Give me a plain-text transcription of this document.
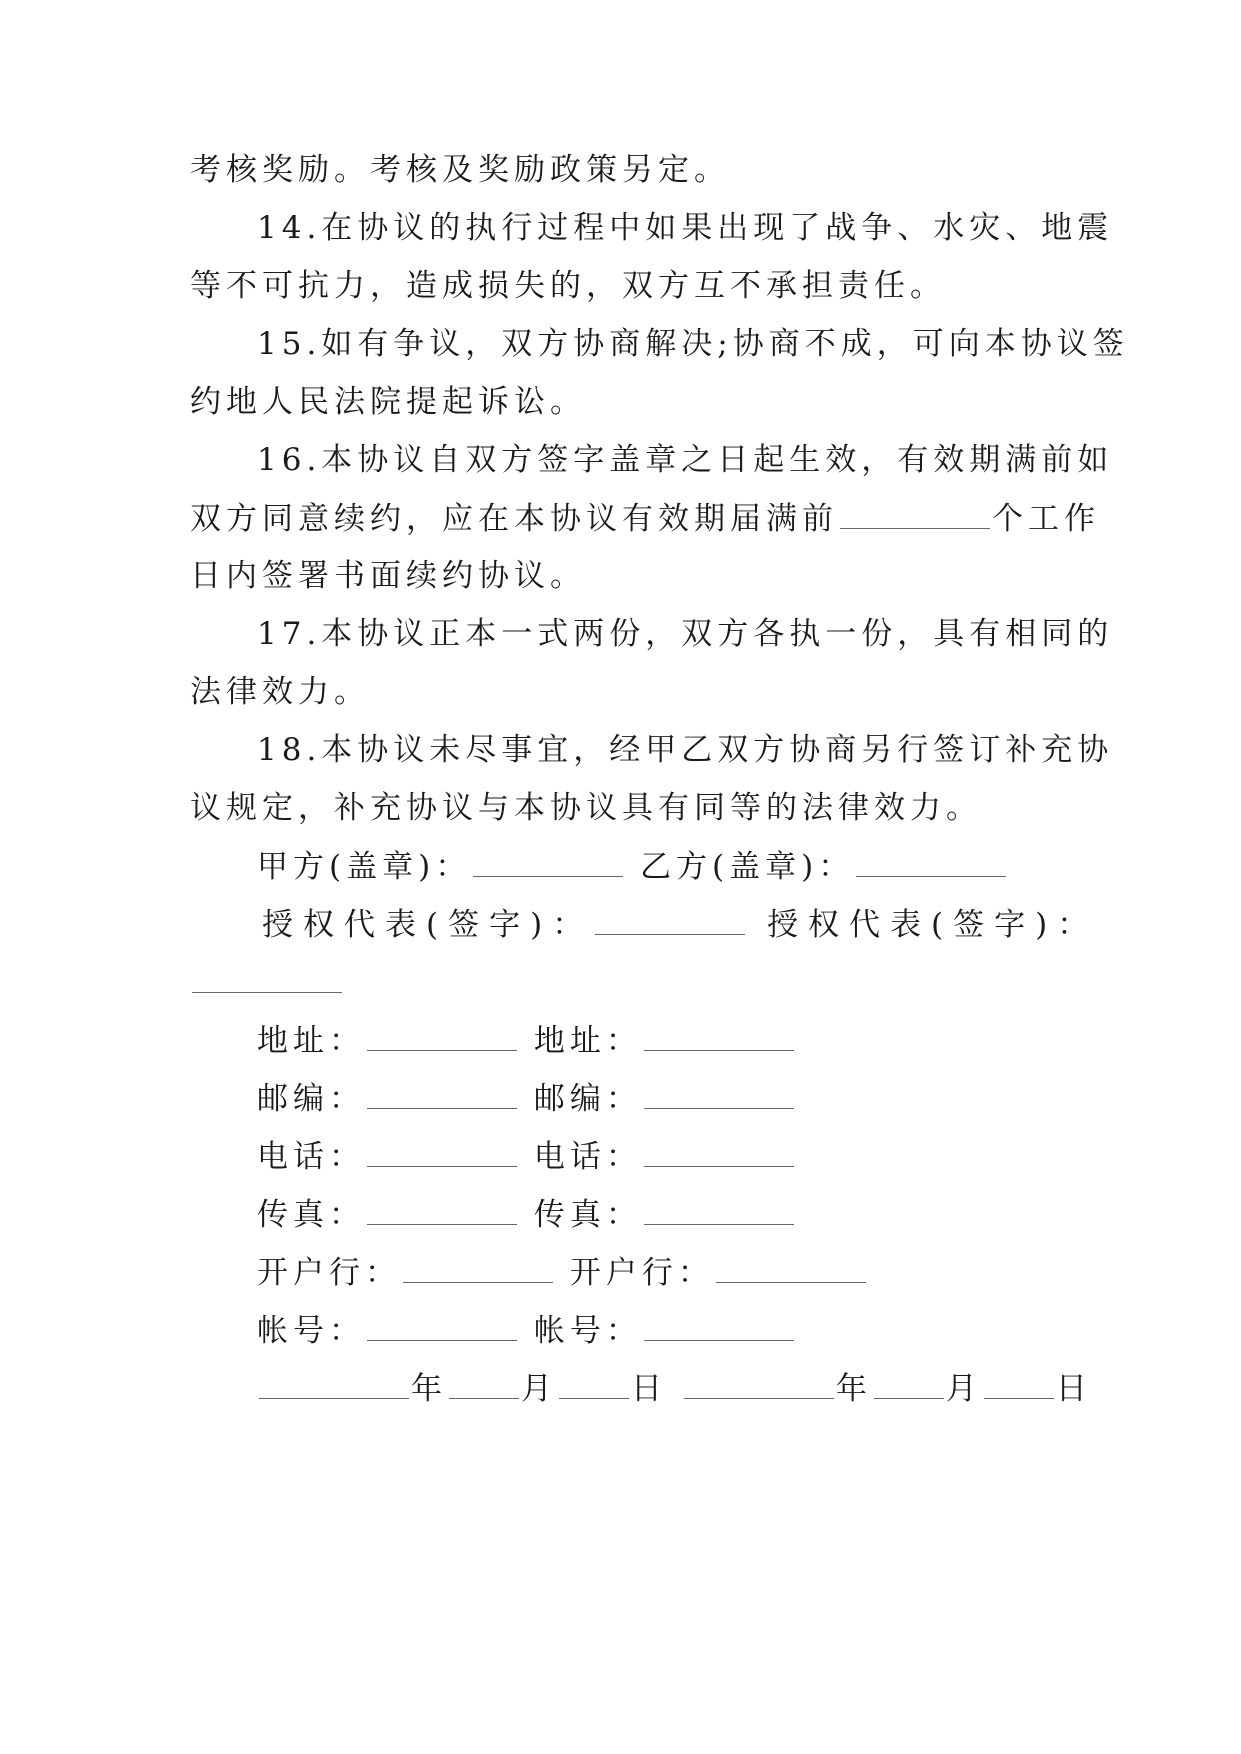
考核奖励。考核及奖励政策另定。
14.在协议的执行过程中如果出现了战争、水灾、地震
等不可抗力，造成损失的，双方互不承担责任。
15.如有争议，双方协商解决;协商不成，可向本协议签
约地人民法院提起诉讼。
16.本协议自双方签字盖章之日起生效，有效期满前如
双方同意续约，应在本协议有效期届满前	个工作
日内签署书面续约协议。
17.本协议正本一式两份，双方各执一份，具有相同的
法律效力。
18.本协议未尽事宜，经甲乙双方协商另行签订补充协
议规定，补充协议与本协议具有同等的法律效力。
甲方(盖章)：	乙方(盖章)：
授权代表(签字)：	授权代表(签字)：
地址：	地址：
邮编：	邮编：
电话：	电话：
传真：	传真：
开户行：	开户行：
帐号：	帐号：
年 月 日	年 月 日
